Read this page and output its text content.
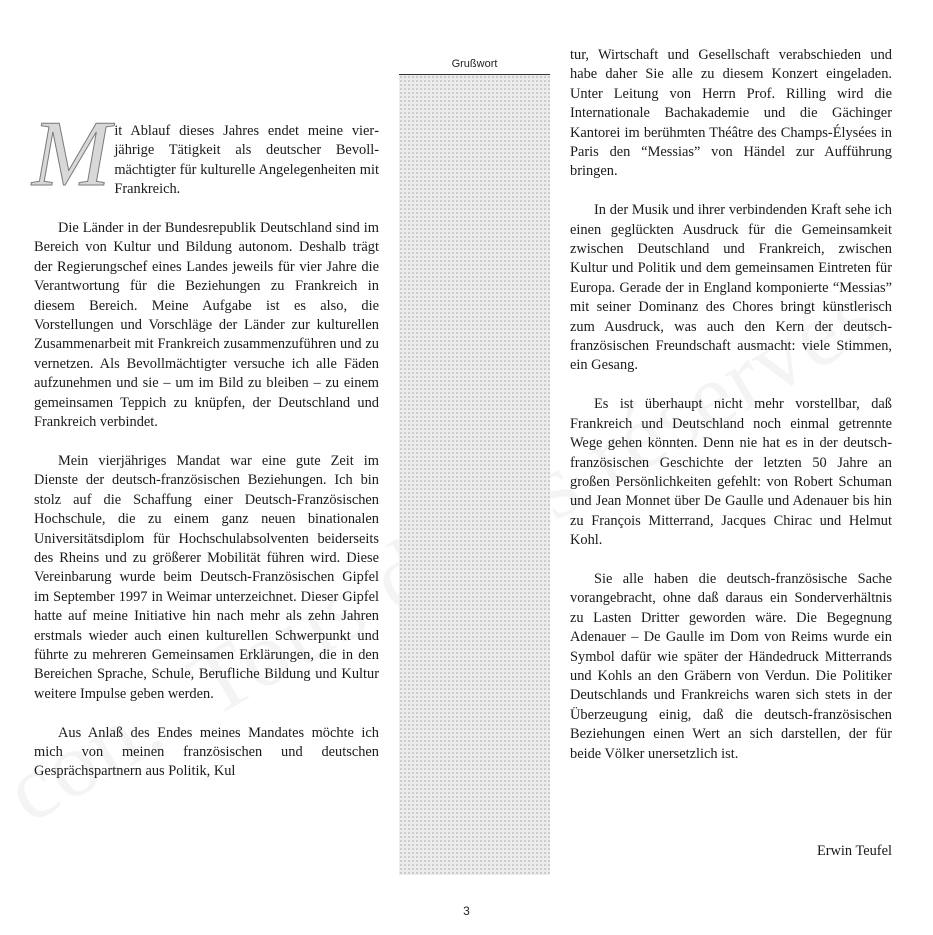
Grußwort

Mit Ablauf dieses Jahres endet meine vierjährige Tätigkeit als deutscher Bevollmächtigter für kulturelle Angelegenheiten mit Frankreich.

Die Länder in der Bundesrepublik Deutschland sind im Bereich von Kultur und Bildung autonom. Deshalb trägt der Regierungschef eines Landes jeweils für vier Jahre die Verantwortung für die Beziehungen zu Frankreich in diesem Bereich. Meine Aufgabe ist es also, die Vorstellungen und Vorschläge der Länder zur kulturellen Zusammenarbeit mit Frankreich zusammenzuführen und zu vernetzen. Als Bevollmächtigter versuche ich alle Fäden aufzunehmen und sie – um im Bild zu bleiben – zu einem gemeinsamen Teppich zu knüpfen, der Deutschland und Frankreich verbindet.

Mein vierjähriges Mandat war eine gute Zeit im Dienste der deutsch-französischen Beziehungen. Ich bin stolz auf die Schaffung einer Deutsch-Französischen Hochschule, die zu einem ganz neuen binationalen Universitätsdiplom für Hochschulabsolventen beiderseits des Rheins und zu größerer Mobilität führen wird. Diese Vereinbarung wurde beim Deutsch-Französischen Gipfel im September 1997 in Weimar unterzeichnet. Dieser Gipfel hatte auf meine Initiative hin nach mehr als zehn Jahren erstmals wieder auch einen kulturellen Schwerpunkt und führte zu mehreren Gemeinsamen Erklärungen, die in den Bereichen Sprache, Schule, Berufliche Bildung und Kultur weitere Impulse geben werden.

Aus Anlaß des Endes meines Mandates möchte ich mich von meinen französischen und deutschen Gesprächspartnern aus Politik, Kul

tur, Wirtschaft und Gesellschaft verabschieden und habe daher Sie alle zu diesem Konzert eingeladen. Unter Leitung von Herrn Prof. Rilling wird die Internationale Bachakademie und die Gächinger Kantorei im berühmten Théâtre des Champs-Élysées in Paris den “Messias” von Händel zur Aufführung bringen.

In der Musik und ihrer verbindenden Kraft sehe ich einen geglückten Ausdruck für die Gemeinsamkeit zwischen Deutschland und Frankreich, zwischen Kultur und Politik und dem gemeinsamen Eintreten für Europa. Gerade der in England komponierte “Messias” mit seiner Dominanz des Chores bringt künstlerisch zum Ausdruck, was auch den Kern der deutsch-französischen Freundschaft ausmacht: viele Stimmen, ein Gesang.

Es ist überhaupt nicht mehr vorstellbar, daß Frankreich und Deutschland noch einmal getrennte Wege gehen könnten. Denn nie hat es in der deutsch-französischen Geschichte der letzten 50 Jahre an großen Persönlichkeiten gefehlt: von Robert Schuman und Jean Monnet über De Gaulle und Adenauer bis hin zu François Mitterrand, Jacques Chirac und Helmut Kohl.

Sie alle haben die deutsch-französische Sache vorangebracht, ohne daß daraus ein Sonderverhältnis zu Lasten Dritter geworden wäre. Die Begegnung Adenauer – De Gaulle im Dom von Reims wurde ein Symbol dafür wie später der Händedruck Mitterrands und Kohls an den Gräbern von Verdun. Die Politiker Deutschlands und Frankreichs waren sich stets in der Überzeugung einig, daß die deutsch-französischen Beziehungen einen Wert an sich darstellen, der für beide Völker unersetzlich ist.

Erwin Teufel
3
